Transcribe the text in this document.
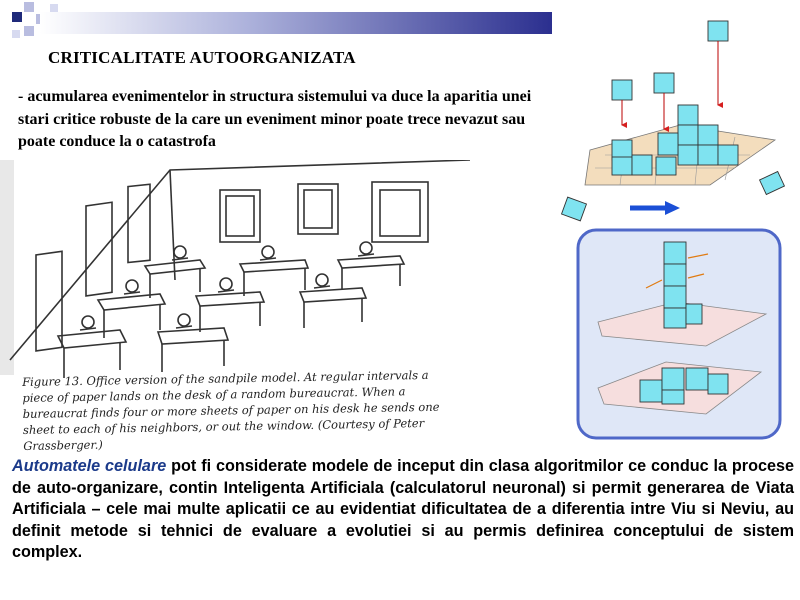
CRITICALITATE AUTOORGANIZATA
- acumularea evenimentelor in structura sistemului va duce la aparitia unei stari critice robuste de la care un eveniment minor poate trece nevazut sau poate conduce la o catastrofa
Figure 13. Office version of the sandpile model. At regular intervals a piece of paper lands on the desk of a random bureaucrat. When a bureaucrat finds four or more sheets of paper on his desk he sends one sheet to each of his neighbors, or out the window. (Courtesy of Peter Grassberger.)
Automatele celulare pot fi considerate modele de inceput din clasa algoritmilor ce conduc la procese de auto-organizare, contin Inteligenta Artificiala (calculatorul neuronal) si permit generarea de Viata Artificiala – cele mai multe aplicatii ce au evidentiat dificultatea de a diferentia intre Viu si Neviu, au definit metode si tehnici de evaluare a evolutiei si au permis definirea conceptului de sistem complex.
